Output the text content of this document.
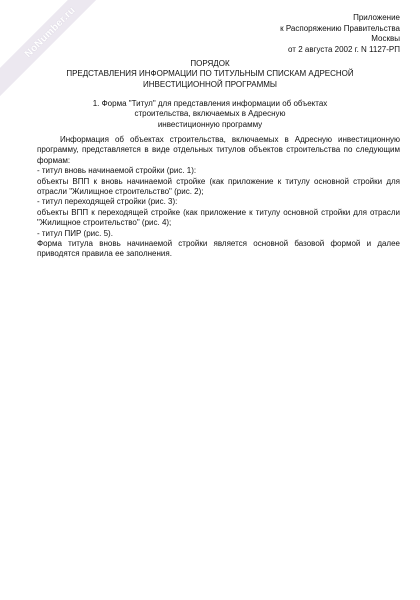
NoNumber.ru	Приложение
к Распоряжению Правительства
Москвы
от 2 августа 2002 г. N 1127-РП
ПОРЯДОК
ПРЕДСТАВЛЕНИЯ ИНФОРМАЦИИ ПО ТИТУЛЬНЫМ СПИСКАМ АДРЕСНОЙ
ИНВЕСТИЦИОННОЙ ПРОГРАММЫ
1. Форма "Титул" для представления информации об объектах
строительства, включаемых в Адресную
инвестиционную программу

Информация об объектах строительства, включаемых в Адресную инвестиционную программу, представляется в виде отдельных титулов объектов строительства по следующим формам:

- титул вновь начинаемой стройки (рис. 1):

объекты ВПП к вновь начинаемой стройке (как приложение к титулу основной стройки для отрасли "Жилищное строительство" (рис. 2);

- титул переходящей стройки (рис. 3):

объекты ВПП к переходящей стройке (как приложение к титулу основной стройки для отрасли "Жилищное строительство" (рис. 4);

- титул ПИР (рис. 5).

Форма титула вновь начинаемой стройки является основной базовой формой и далее приводятся правила ее заполнения.
